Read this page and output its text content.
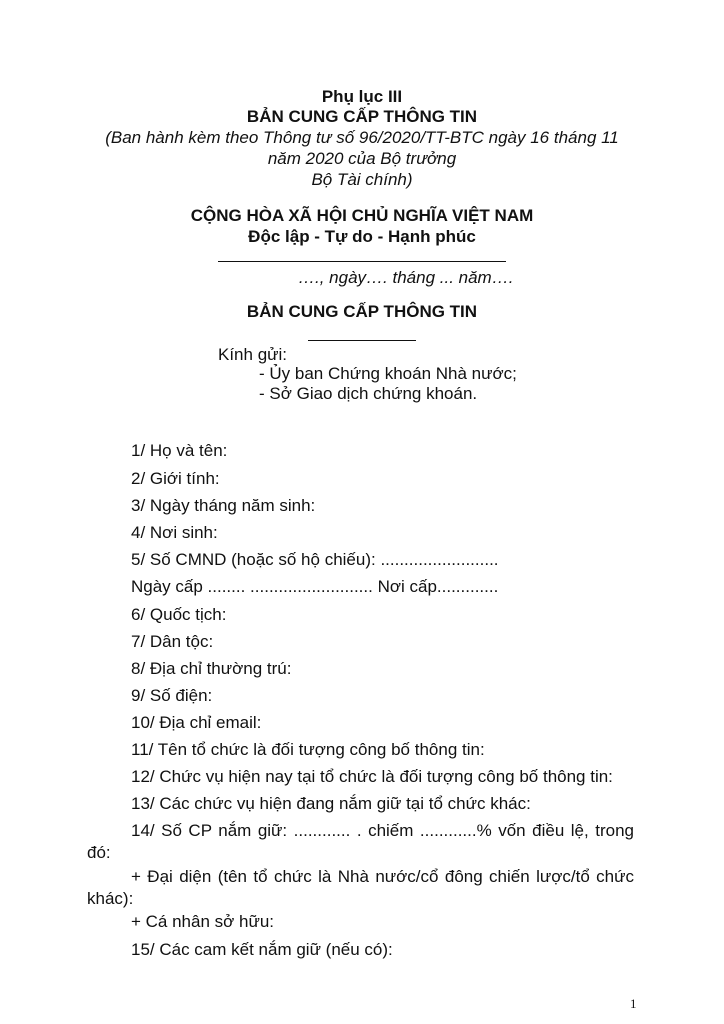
Phụ lục III
BẢN CUNG CẤP THÔNG TIN
(Ban hành kèm theo Thông tư số 96/2020/TT-BTC ngày 16 tháng 11
năm 2020 của Bộ trưởng
Bộ Tài chính)
CỘNG HÒA XÃ HỘI CHỦ NGHĨA VIỆT NAM
Độc lập - Tự do - Hạnh phúc
…., ngày…. tháng ... năm….
BẢN CUNG CẤP THÔNG TIN
Kính gửi:
- Ủy ban Chứng khoán Nhà nước;
- Sở Giao dịch chứng khoán.
1/ Họ và tên:
2/ Giới tính:
3/ Ngày tháng năm sinh:
4/ Nơi sinh:
5/ Số CMND (hoặc số hộ chiếu): .........................
Ngày cấp ........ .......................... Nơi cấp.............
6/ Quốc tịch:
7/ Dân tộc:
8/ Địa chỉ thường trú:
9/ Số điện:
10/ Địa chỉ email:
11/ Tên tổ chức là đối tượng công bố thông tin:
12/ Chức vụ hiện nay tại tổ chức là đối tượng công bố thông tin:
13/ Các chức vụ hiện đang nắm giữ tại tổ chức khác:
14/ Số CP nắm giữ: ............ . chiếm ............% vốn điều lệ, trong đó:
+ Đại diện (tên tổ chức là Nhà nước/cổ đông chiến lược/tổ chức khác):
+ Cá nhân sở hữu:
15/ Các cam kết nắm giữ (nếu có):
1
